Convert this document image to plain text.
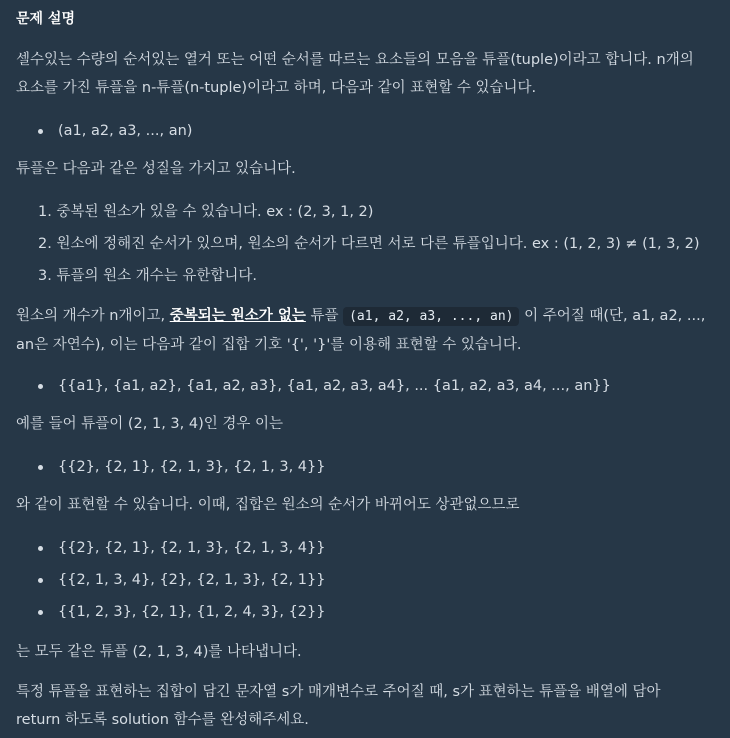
문제 설명

셀수있는 수량의 순서있는 열거 또는 어떤 순서를 따르는 요소들의 모음을 튜플(tuple)이라고 합니다. n개의
요소를 가진 튜플을 n-튜플(n-tuple)이라고 하며, 다음과 같이 표현할 수 있습니다.

(a1, a2, a3, ..., an)

튜플은 다음과 같은 성질을 가지고 있습니다.

1. 중복된 원소가 있을 수 있습니다. ex : (2, 3, 1, 2)
2. 원소에 정해진 순서가 있으며, 원소의 순서가 다르면 서로 다른 튜플입니다. ex : (1, 2, 3) ≠ (1, 3, 2)
3. 튜플의 원소 개수는 유한합니다.

원소의 개수가 n개이고, 중복되는 원소가 없는 튜플 (a1, a2, a3, ..., an) 이 주어질 때(단, a1, a2, ...,
an은 자연수), 이는 다음과 같이 집합 기호 '{', '}'를 이용해 표현할 수 있습니다.

{{a1}, {a1, a2}, {a1, a2, a3}, {a1, a2, a3, a4}, ... {a1, a2, a3, a4, ..., an}}

예를 들어 튜플이 (2, 1, 3, 4)인 경우 이는

{{2}, {2, 1}, {2, 1, 3}, {2, 1, 3, 4}}

와 같이 표현할 수 있습니다. 이때, 집합은 원소의 순서가 바뀌어도 상관없으므로

{{2}, {2, 1}, {2, 1, 3}, {2, 1, 3, 4}}
{{2, 1, 3, 4}, {2}, {2, 1, 3}, {2, 1}}
{{1, 2, 3}, {2, 1}, {1, 2, 4, 3}, {2}}

는 모두 같은 튜플 (2, 1, 3, 4)를 나타냅니다.

특정 튜플을 표현하는 집합이 담긴 문자열 s가 매개변수로 주어질 때, s가 표현하는 튜플을 배열에 담아
return 하도록 solution 함수를 완성해주세요.
